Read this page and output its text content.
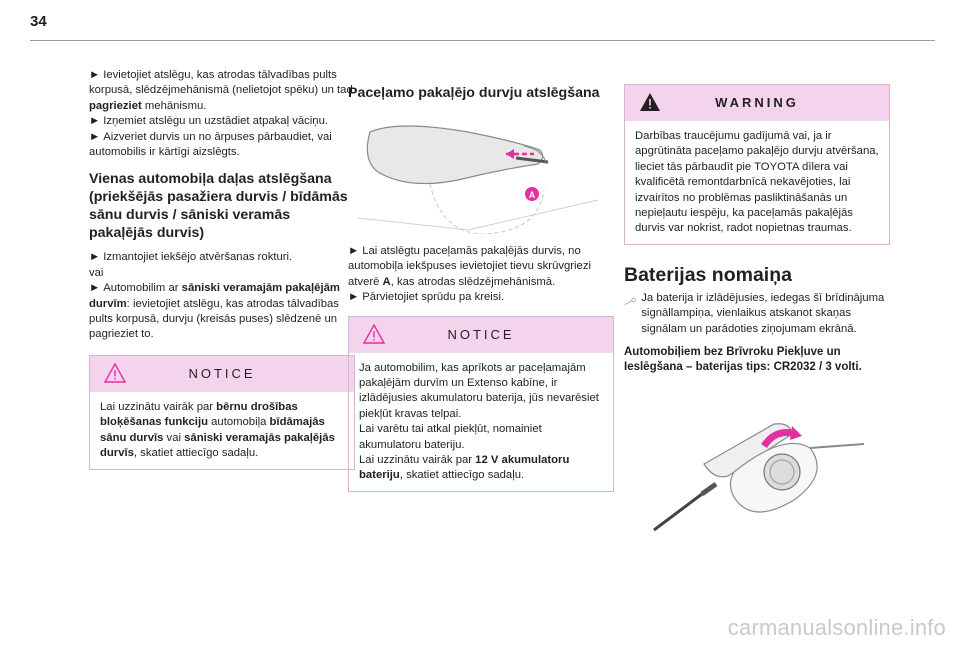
34

► Ievietojiet atslēgu, kas atrodas tālvadības pults korpusā, slēdzējmehānismā (nelietojot spēku) un tad pagrieziet mehānismu.
► Izņemiet atslēgu un uzstādiet atpakaļ vāciņu.
► Aizveriet durvis un no ārpuses pārbaudiet, vai automobilis ir kārtīgi aizslēgts.

Vienas automobiļa daļas atslēgšana (priekšējās pasažiera durvis / bīdāmās sānu durvis / sāniski veramās pakaļējās durvis)

► Izmantojiet iekšējo atvēršanas rokturi.
vai
► Automobilim ar sāniski veramajām pakaļējām durvīm: ievietojiet atslēgu, kas atrodas tālvadības pults korpusā, durvju (kreisās puses) slēdzenē un pagrieziet to.

NOTICE
Lai uzzinātu vairāk par bērnu drošības bloķēšanas funkciju automobiļa bīdāmajās sānu durvīs vai sāniski veramajās pakaļējās durvīs, skatiet attiecīgo sadaļu.
Paceļamo pakaļējo durvju atslēgšana
A

► Lai atslēgtu paceļamās pakaļējās durvis, no automobiļa iekšpuses ievietojiet tievu skrūvgriezi atverē A, kas atrodas slēdzējmehānismā.
► Pārvietojiet sprūdu pa kreisi.

NOTICE
Ja automobilim, kas aprīkots ar paceļamajām pakaļējām durvīm un Extenso kabīne, ir izlādējusies akumulatoru baterija, jūs nevarēsiet piekļūt kravas telpai.
Lai varētu tai atkal piekļūt, nomainiet akumulatoru bateriju.
Lai uzzinātu vairāk par 12 V akumulatoru bateriju, skatiet attiecīgo sadaļu.
WARNING
Darbības traucējumu gadījumā vai, ja ir apgrūtināta paceļamo pakaļējo durvju atvēršana, lieciet tās pārbaudīt pie TOYOTA dīlera vai kvalificētā remontdarbnīcā nekavējoties, lai izvairītos no problēmas pasliktināšanās un nepieļautu iespēju, ka paceļamās pakaļējās durvis var nokrist, radot nopietnas traumas.
Baterijas nomaiņa

Ja baterija ir izlādējusies, iedegas šī brīdinājuma signāllampiņa, vienlaikus atskanot skaņas signālam un parādoties ziņojumam ekrānā.

Automobiļiem bez Brīvroku Piekļuve un Ieslēgšana – baterijas tips: CR2032 / 3 volti.
carmanualsonline.info
